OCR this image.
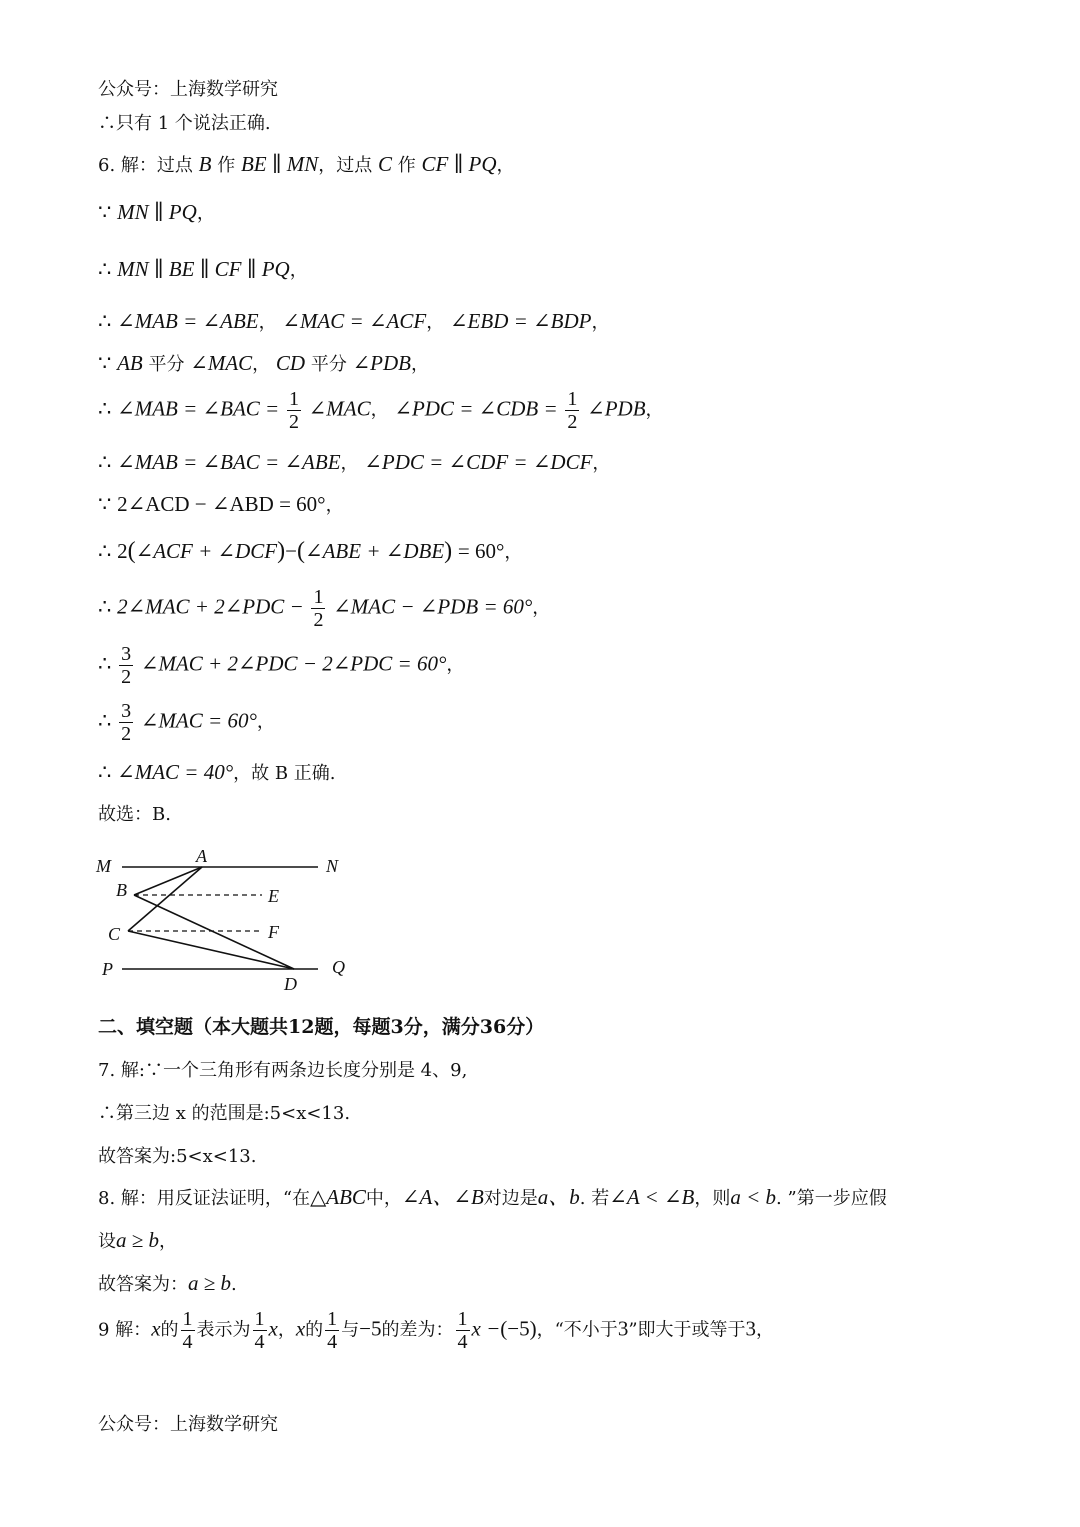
公众号：上海数学研究
∴只有 1 个说法正确.
6. 解：过点 B 作 BE ∥ MN，过点 C 作 CF ∥ PQ，
∵ MN ∥ PQ，
∴ MN ∥ BE ∥ CF ∥ PQ，
∴ ∠MAB = ∠ABE， ∠MAC = ∠ACF， ∠EBD = ∠BDP，
∵ AB 平分 ∠MAC， CD 平分 ∠PDB，
∴ ∠MAB = ∠BAC = $\frac{1}{2}$ ∠MAC， ∠PDC = ∠CDB = $\frac{1}{2}$ ∠PDB，
∴ ∠MAB = ∠BAC = ∠ABE， ∠PDC = ∠CDF = ∠DCF，
∵ 2∠ACD − ∠ABD = 60°，
∴ 2(∠ACF + ∠DCF)−(∠ABE + ∠DBE) = 60°，
∴ 2∠MAC + 2∠PDC − $\frac{1}{2}$ ∠MAC − ∠PDB = 60°，
∴ $\frac{3}{2}$ ∠MAC + 2∠PDC − 2∠PDC = 60°，
∴ $\frac{3}{2}$ ∠MAC = 60°，
∴ ∠MAC = 40°，故 B 正确.
故选：B.
M	A	N
B	E
C	F
P	Q
D
二、填空题（本大题共12题，每题3分，满分36分）
7. 解:∵一个三角形有两条边长度分别是 4、9,
∴第三边 x 的范围是:5<x<13.
故答案为:5<x<13.
8. 解：用反证法证明，“在△ABC中，∠A、∠B对边是a、b. 若∠A < ∠B，则a < b. ”第一步应假
设a ≥ b，
故答案为：a ≥ b.
9 解：x的 $\frac{1}{4}$ 表示为 $\frac{1}{4}$ x，x的 $\frac{1}{4}$ 与−5的差为： $\frac{1}{4}$ x −(−5)，“不小于3”即大于或等于3，
公众号：上海数学研究
